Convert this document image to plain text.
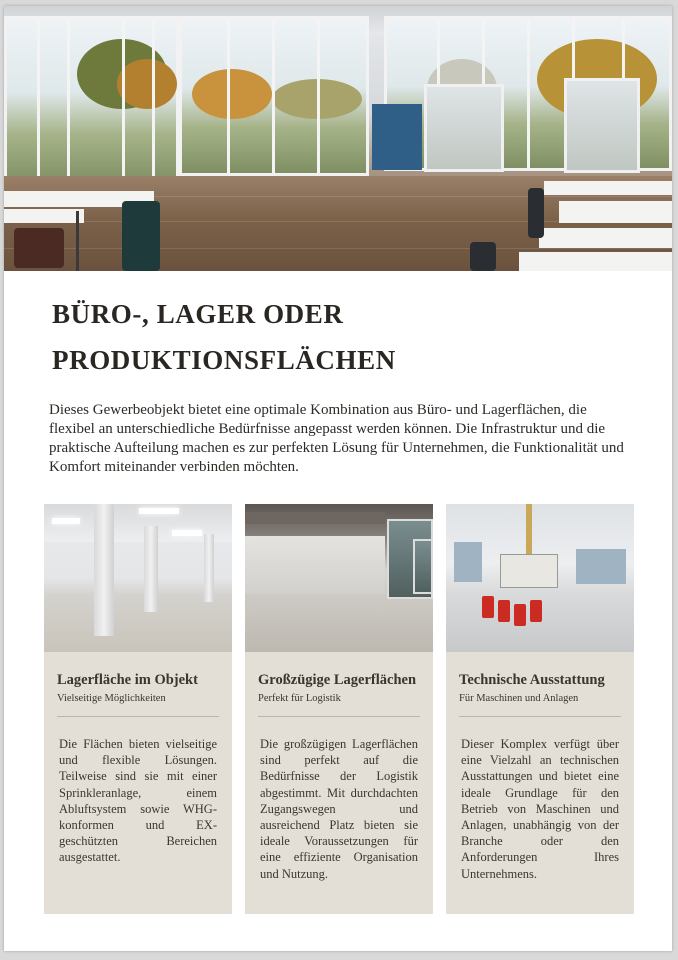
BÜRO-, LAGER ODER
PRODUKTIONSFLÄCHEN

Dieses Gewerbeobjekt bietet eine optimale Kombination aus Büro- und Lagerflächen, die flexibel an unterschiedliche Bedürfnisse angepasst werden können. Die Infrastruktur und die praktische Aufteilung machen es zur perfekten Lösung für Unternehmen, die Funktionalität und Komfort miteinander verbinden möchten.

Lagerfläche im Objekt

Vielseitige Möglichkeiten

Die Flächen bieten vielseitige und flexible Lösungen. Teilweise sind sie mit einer Sprinkleranlage, einem Abluftsystem sowie WHG-konformen und EX-geschützten Bereichen ausgestattet.

Großzügige Lagerflächen

Perfekt für Logistik

Die großzügigen Lagerflächen sind perfekt auf die Bedürfnisse der Logistik abgestimmt. Mit durchdachten Zugangswegen und ausreichend Platz bieten sie ideale Voraussetzungen für eine effiziente Organisation und Nutzung.

Technische Ausstattung

Für Maschinen und Anlagen

Dieser Komplex verfügt über eine Vielzahl an technischen Ausstattungen und bietet eine ideale Grundlage für den Betrieb von Maschinen und Anlagen, unabhängig von der Branche oder den Anforderungen Ihres Unternehmens.
